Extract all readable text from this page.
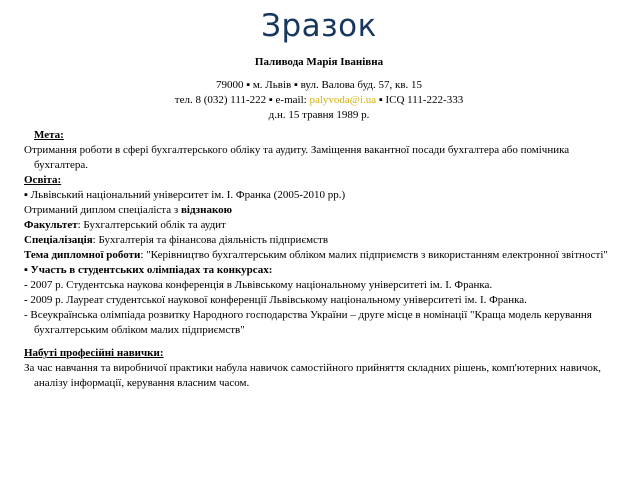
Зразок
Паливода Марія Іванівна
79000 ▪ м. Львів ▪ вул. Валова буд. 57, кв. 15
тел. 8 (032) 111-222 ▪ e-mail: palyvoda@i.ua ▪ ICQ 111-222-333
д.н. 15 травня 1989 р.
Мета:
Отримання роботи в сфері бухгалтерського обліку та аудиту. Заміщення вакантної посади бухгалтера або помічника бухгалтера.
Освіта:
▪ Львівський національний університет ім. І. Франка (2005-2010 рр.)
Отриманий диплом спеціаліста з відзнакою
Факультет: Бухгалтерський облік та аудит
Спеціалізація: Бухгалтерія та фінансова діяльність підприємств
Тема дипломної роботи: "Керівництво бухгалтерським обліком малих підприємств з використанням електронної звітності"
▪ Участь в студентських олімпіадах та конкурсах:
- 2007 р. Студентська наукова конференція в Львівському національному університеті ім. І. Франка.
- 2009 р. Лауреат студентської наукової конференції Львівському національному університеті ім. І. Франка.
- Всеукраїнська олімпіада розвитку Народного господарства України – друге місце в номінації "Краща модель керування бухгалтерським обліком малих підприємств"
Набуті професійні навички:
За час навчання та виробничої практики набула навичок самостійного прийняття складних рішень, комп'ютерних навичок, аналізу інформації, керування власним часом.
